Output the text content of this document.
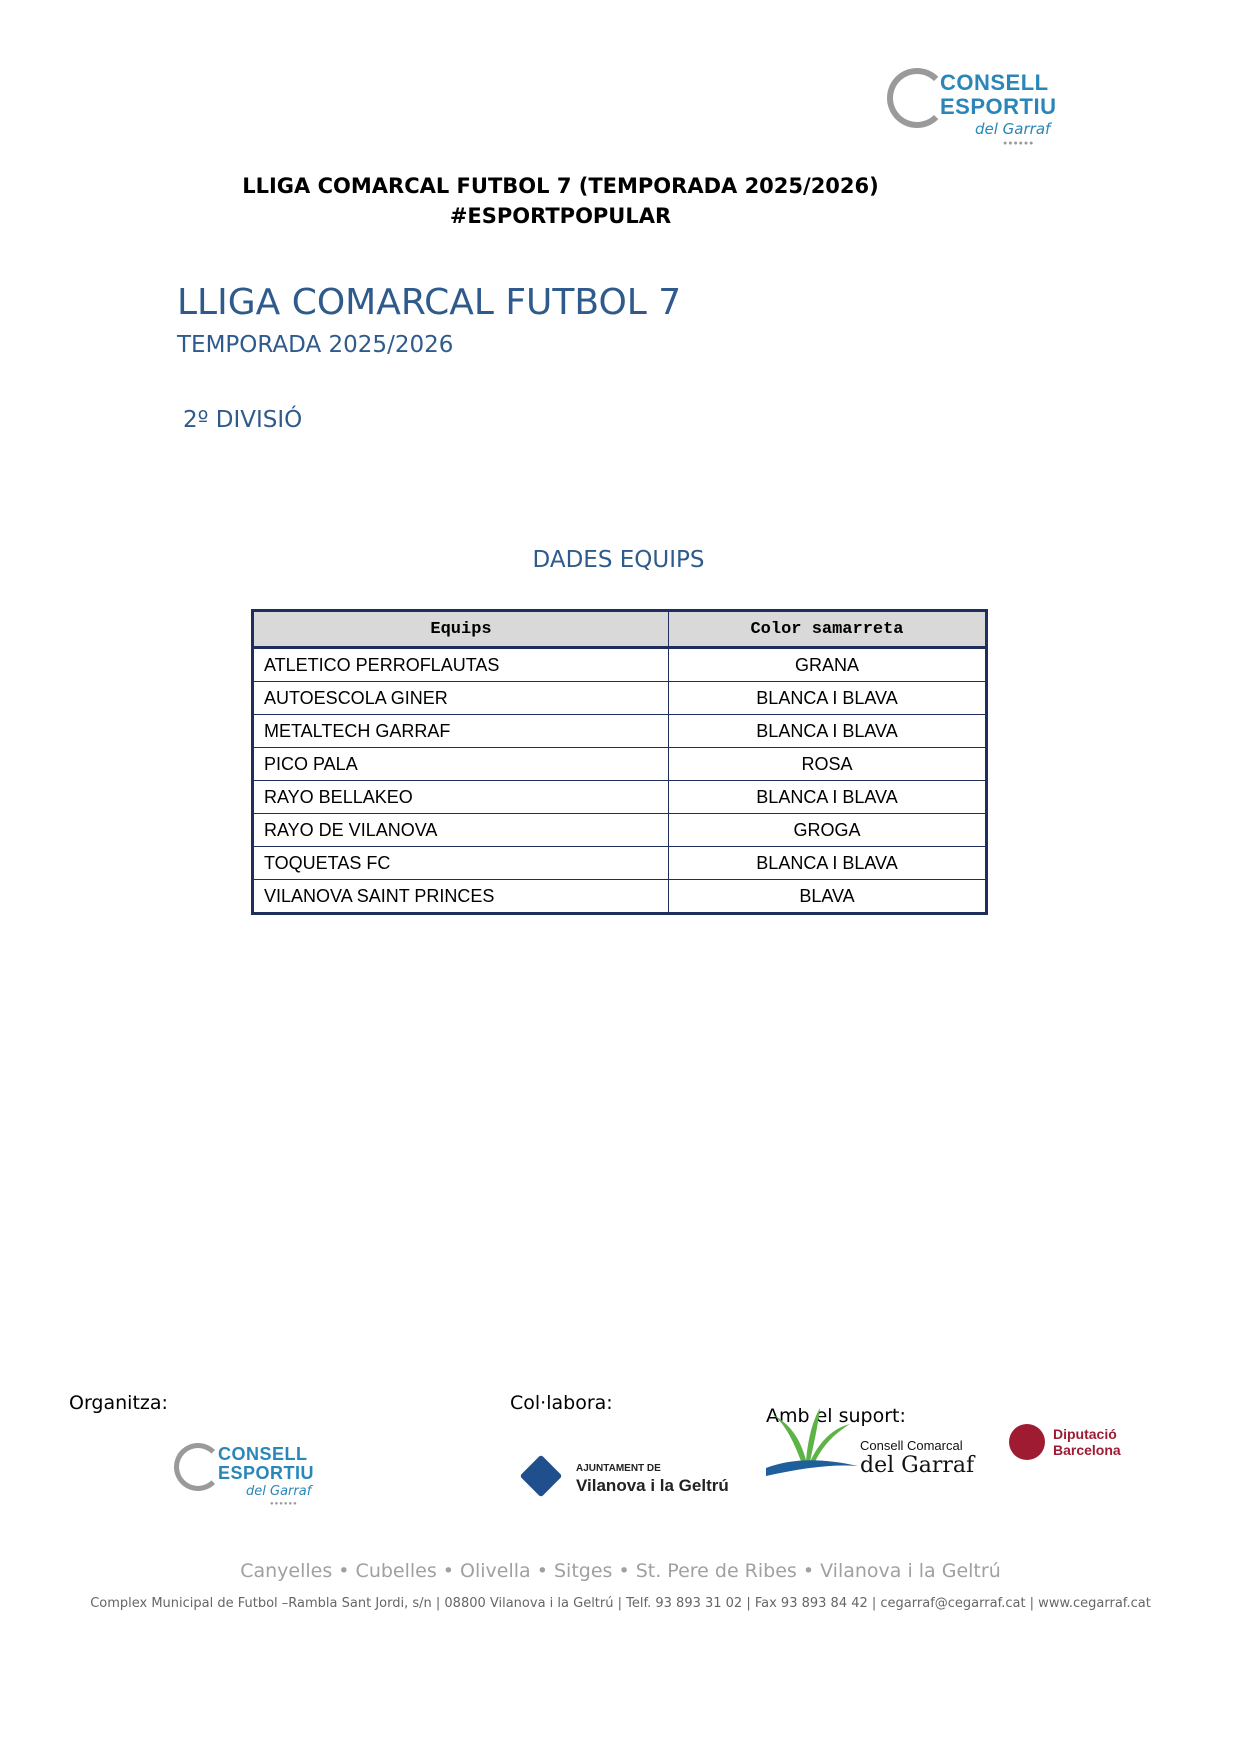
CONSELL
ESPORTIU
del Garraf
●●●●●●
LLIGA COMARCAL FUTBOL 7 (TEMPORADA 2025/2026)
#ESPORTPOPULAR
LLIGA COMARCAL FUTBOL 7
TEMPORADA 2025/2026
2º DIVISIÓ
DADES EQUIPS
Equips	Color samarreta
ATLETICO PERROFLAUTAS	GRANA
AUTOESCOLA GINER	BLANCA I BLAVA
METALTECH GARRAF	BLANCA I BLAVA
PICO PALA	ROSA
RAYO BELLAKEO	BLANCA I BLAVA
RAYO DE VILANOVA	GROGA
TOQUETAS FC	BLANCA I BLAVA
VILANOVA SAINT PRINCES	BLAVA
Organitza:	Col·labora:
Amb el suport:
CONSELL
ESPORTIU
del Garraf
●●●●●●
AJUNTAMENT DE
Vilanova i la Geltrú
Consell Comarcal
del Garraf
Diputació
Barcelona
Canyelles • Cubelles • Olivella • Sitges • St. Pere de Ribes • Vilanova i la Geltrú
Complex Municipal de Futbol –Rambla Sant Jordi, s/n | 08800 Vilanova i la Geltrú | Telf. 93 893 31 02 | Fax 93 893 84 42 | cegarraf@cegarraf.cat | www.cegarraf.cat
